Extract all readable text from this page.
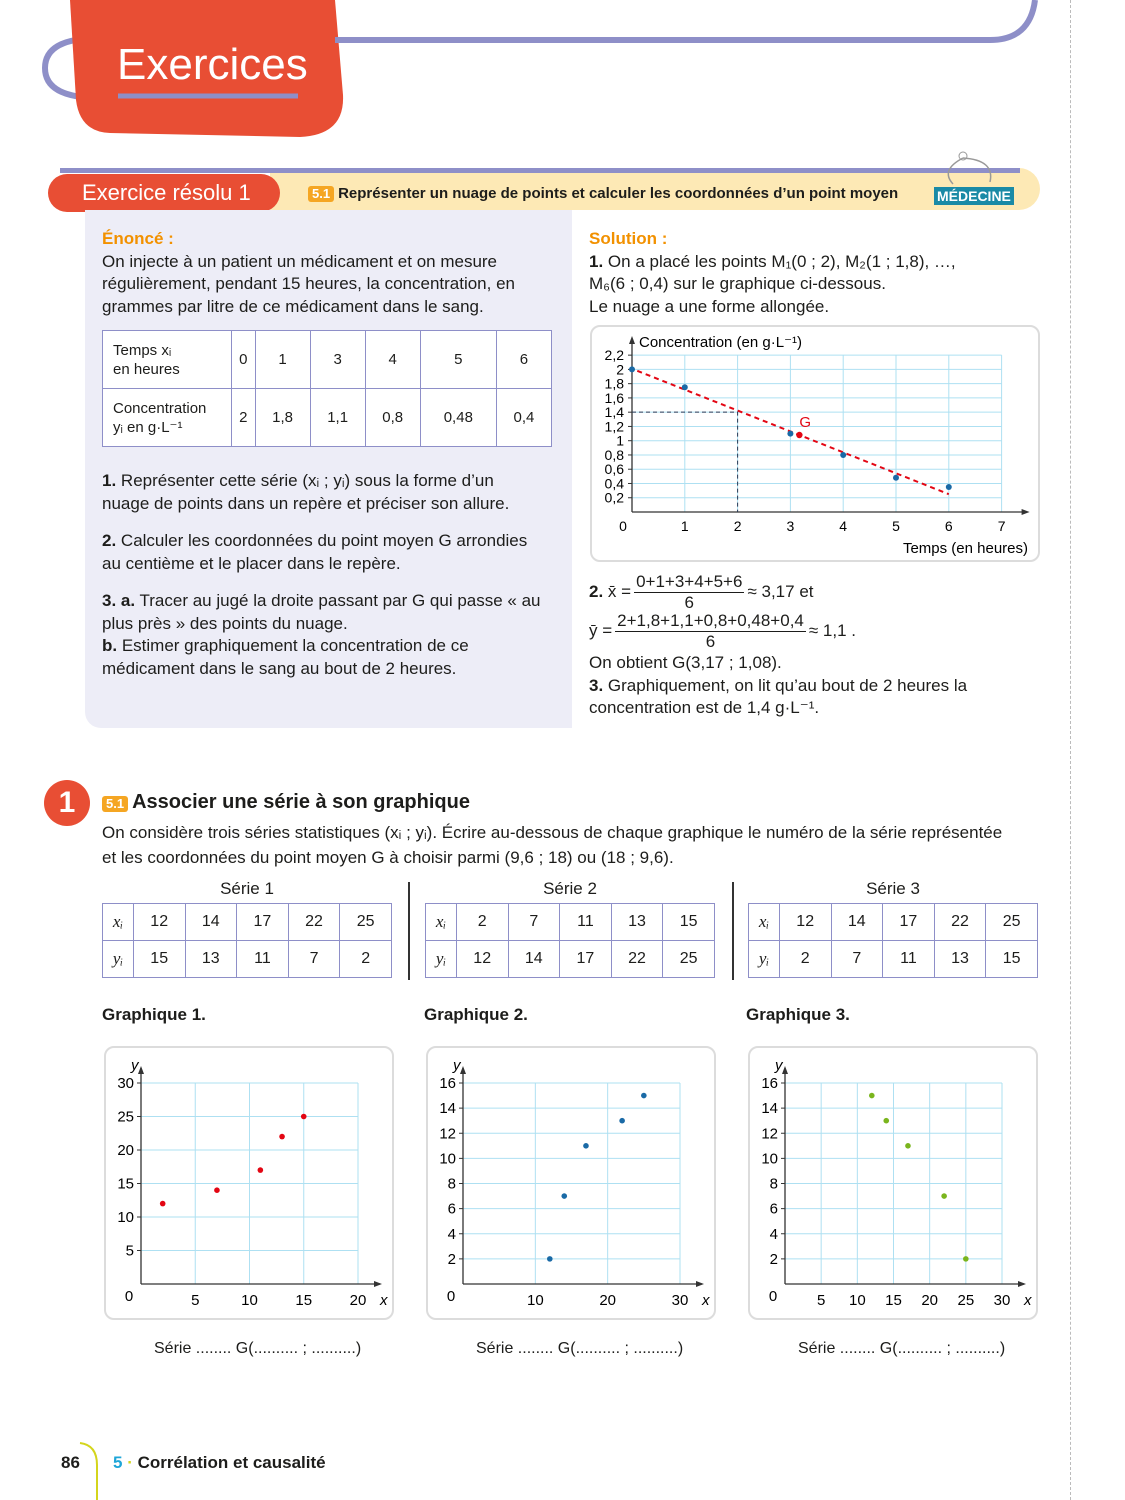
Exercices
Exercice résolu 1	5.1 Représenter un nuage de points et calculer les coordonnées d’un point moyen	MÉDECINE
Énoncé :
On injecte à un patient un médicament et on mesure
régulièrement, pendant 15 heures, la concentration, en
grammes par litre de ce médicament dans le sang.
Temps xᵢ
en heures	0	1	3	4	5	6
Concentration
yᵢ en g·L⁻¹	2	1,8	1,1	0,8	0,48	0,4
1. Représenter cette série (xᵢ ; yᵢ) sous la forme d’un
nuage de points dans un repère et préciser son allure.
2. Calculer les coordonnées du point moyen G arrondies
au centième et le placer dans le repère.
3. a. Tracer au jugé la droite passant par G qui passe « au
plus près » des points du nuage.
b. Estimer graphiquement la concentration de ce
médicament dans le sang au bout de 2 heures.
Solution :
1. On a placé les points M₁(0 ; 2), M₂(1 ; 1,8), …,
M₆(6 ; 0,4) sur le graphique ci-dessous.
Le nuage a une forme allongée.
0	1	2	3	4	5	6	7
0,2
0,4
0,6
0,8
1
1,2
1,4
1,6
1,8
2
2,2
Concentration (en g·L⁻¹)
Temps (en heures)
G
2. x̄ = $\frac{0+1+3+4+5+6}{6} \approx 3,17$ et
ȳ = $\frac{2+1,8+1,1+0,8+0,48+0,4}{6} \approx 1,1$ .
On obtient G(3,17 ; 1,08).
3. Graphiquement, on lit qu’au bout de 2 heures la
concentration est de 1,4 g·L⁻¹.
1	5.1 Associer une série à son graphique
On considère trois séries statistiques (xᵢ ; yᵢ). Écrire au-dessous de chaque graphique le numéro de la série représentée
et les coordonnées du point moyen G à choisir parmi (9,6 ; 18) ou (18 ; 9,6).
Série 1
xᵢ	12	14	17	22	25
yᵢ	15	13	11	7	2
Série 2
xᵢ	2	7	11	13	15
yᵢ	12	14	17	22	25
Série 3
xᵢ	12	14	17	22	25
yᵢ	2	7	11	13	15
Graphique 1.
5	10	15	20
5
10
15
20
25
30
0	x
y
Série ........ G(.......... ; ..........)
Graphique 2.
10	20	30
2
4
6
8
10
12
14
16
0	x
y
Série ........ G(.......... ; ..........)
Graphique 3.
5 10 15 20 25 30
2
4
6
8
10
12
14
16
0	x
y
Série ........ G(.......... ; ..........)
86 5 · Corrélation et causalité
